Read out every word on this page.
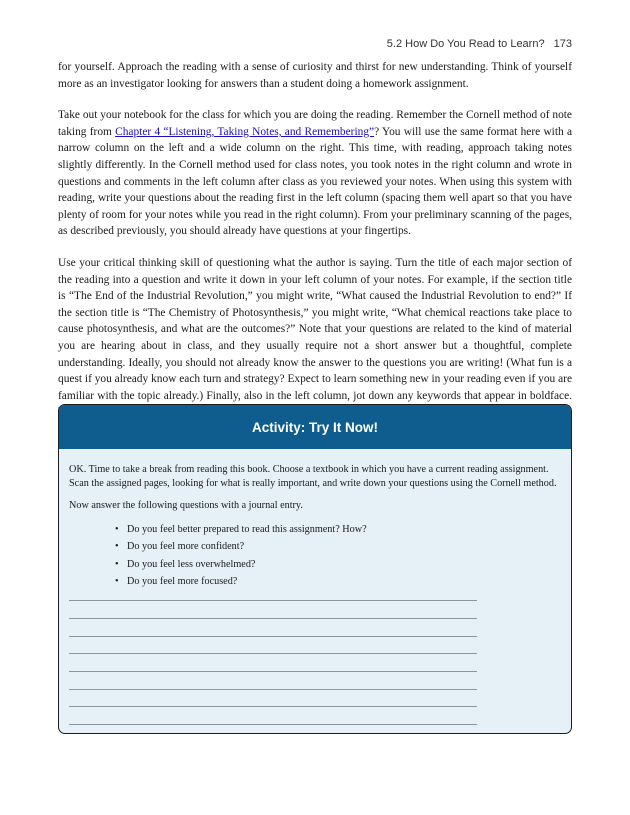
5.2 How Do You Read to Learn? 173

for yourself. Approach the reading with a sense of curiosity and thirst for new understanding. Think of yourself more as an investigator looking for answers than a student doing a homework assignment.

Take out your notebook for the class for which you are doing the reading. Remember the Cornell method of note taking from Chapter 4 “Listening, Taking Notes, and Remembering”? You will use the same format here with a narrow column on the left and a wide column on the right. This time, with reading, approach taking notes slightly differently. In the Cornell method used for class notes, you took notes in the right column and wrote in questions and comments in the left column after class as you reviewed your notes. When using this system with reading, write your questions about the reading first in the left column (spacing them well apart so that you have plenty of room for your notes while you read in the right column). From your preliminary scanning of the pages, as described previously, you should already have questions at your fingertips.

Use your critical thinking skill of questioning what the author is saying. Turn the title of each major section of the reading into a question and write it down in your left column of your notes. For example, if the section title is “The End of the Industrial Revolution,” you might write, “What caused the Industrial Revolution to end?” If the section title is “The Chemistry of Photosynthesis,” you might write, “What chemical reactions take place to cause photosynthesis, and what are the outcomes?” Note that your questions are related to the kind of material you are hearing about in class, and they usually require not a short answer but a thoughtful, complete understanding. Ideally, you should not already know the answer to the questions you are writing! (What fun is a quest if you already know each turn and strategy? Expect to learn something new in your reading even if you are familiar with the topic already.) Finally, also in the left column, jot down any keywords that appear in boldface.

Activity: Try It Now!

OK. Time to take a break from reading this book. Choose a textbook in which you have a current reading assignment. Scan the assigned pages, looking for what is really important, and write down your questions using the Cornell method.

Now answer the following questions with a journal entry.

• Do you feel better prepared to read this assignment? How?
• Do you feel more confident?
• Do you feel less overwhelmed?
• Do you feel more focused?
